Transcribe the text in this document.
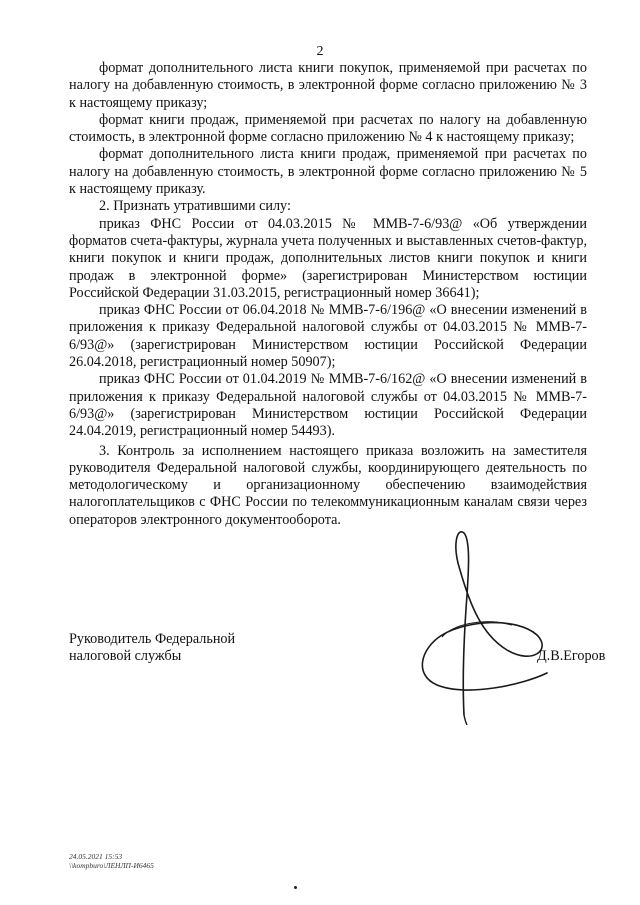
2

формат дополнительного листа книги покупок, применяемой при расчетах по налогу на добавленную стоимость, в электронной форме согласно приложению № 3 к настоящему приказу;

формат книги продаж, применяемой при расчетах по налогу на добавленную стоимость, в электронной форме согласно приложению № 4 к настоящему приказу;

формат дополнительного листа книги продаж, применяемой при расчетах по налогу на добавленную стоимость, в электронной форме согласно приложению № 5 к настоящему приказу.

2. Признать утратившими силу:

приказ ФНС России от 04.03.2015 № ММВ-7-6/93@ «Об утверждении форматов счета-фактуры, журнала учета полученных и выставленных счетов-фактур, книги покупок и книги продаж, дополнительных листов книги покупок и книги продаж в электронной форме» (зарегистрирован Министерством юстиции Российской Федерации 31.03.2015, регистрационный номер 36641);

приказ ФНС России от 06.04.2018 № ММВ-7-6/196@ «О внесении изменений в приложения к приказу Федеральной налоговой службы от 04.03.2015 № ММВ-7-6/93@» (зарегистрирован Министерством юстиции Российской Федерации 26.04.2018, регистрационный номер 50907);

приказ ФНС России от 01.04.2019 № ММВ-7-6/162@ «О внесении изменений в приложения к приказу Федеральной налоговой службы от 04.03.2015 № ММВ-7-6/93@» (зарегистрирован Министерством юстиции Российской Федерации 24.04.2019, регистрационный номер 54493).

3. Контроль за исполнением настоящего приказа возложить на заместителя руководителя Федеральной налоговой службы, координирующего деятельность по методологическому и организационному обеспечению взаимодействия налогоплательщиков с ФНС России по телекоммуникационным каналам связи через операторов электронного документооборота.

Руководитель Федеральной
налоговой службы	Д.В.Егоров
24.05.2021 15:53
\\kompburo\ЛЕНЛП-И6465
